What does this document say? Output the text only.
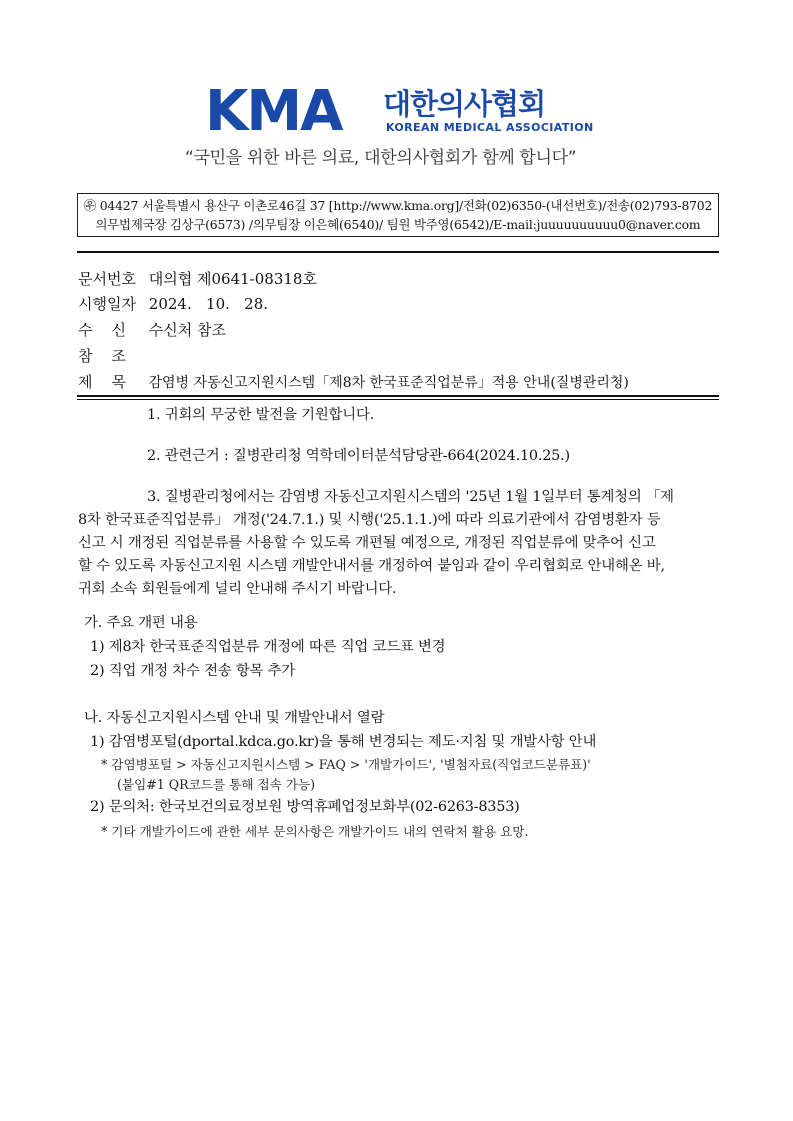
KMA 대한의사협회
KOREAN MEDICAL ASSOCIATION
“국민을 위한 바른 의료, 대한의사협회가 함께 합니다”
㉾ 04427 서울특별시 용산구 이촌로46길 37 [http://www.kma.org]/전화(02)6350-(내선번호)/전송(02)793-8702
의무법제국장 김상구(6573) /의무팀장 이은혜(6540)/ 팀원 박주영(6542)/E-mail:juuuuuuuuuu0@naver.com
문서번호 대의협 제0641-08318호
시행일자 2024.   10.   28.
수    신 수신처 참조
참    조
제    목 감염병 자동신고지원시스템「제8차 한국표준직업분류」적용 안내(질병관리청)
1. 귀회의 무궁한 발전을 기원합니다.
2. 관련근거 : 질병관리청 역학데이터분석담당관-664(2024.10.25.)
3. 질병관리청에서는 감염병 자동신고지원시스템의 '25년 1월 1일부터 통계청의 「제
8차 한국표준직업분류」 개정('24.7.1.) 및 시행('25.1.1.)에 따라 의료기관에서 감염병환자 등
신고 시 개정된 직업분류를 사용할 수 있도록 개편될 예정으로, 개정된 직업분류에 맞추어 신고
할 수 있도록 자동신고지원 시스템 개발안내서를 개정하여 붙임과 같이 우리협회로 안내해온 바,
귀회 소속 회원들에게 널리 안내해 주시기 바랍니다.
가. 주요 개편 내용
1) 제8차 한국표준직업분류 개정에 따른 직업 코드표 변경
2) 직업 개정 차수 전송 항목 추가
나. 자동신고지원시스템 안내 및 개발안내서 열람
1) 감염병포털(dportal.kdca.go.kr)을 통해 변경되는 제도·지침 및 개발사항 안내
* 감염병포털 > 자동신고지원시스템 > FAQ > '개발가이드', '별첨자료(직업코드분류표)'
(붙임#1 QR코드를 통해 접속 가능)
2) 문의처: 한국보건의료정보원 방역휴폐업정보화부(02-6263-8353)
* 기타 개발가이드에 관한 세부 문의사항은 개발가이드 내의 연락처 활용 요망.
